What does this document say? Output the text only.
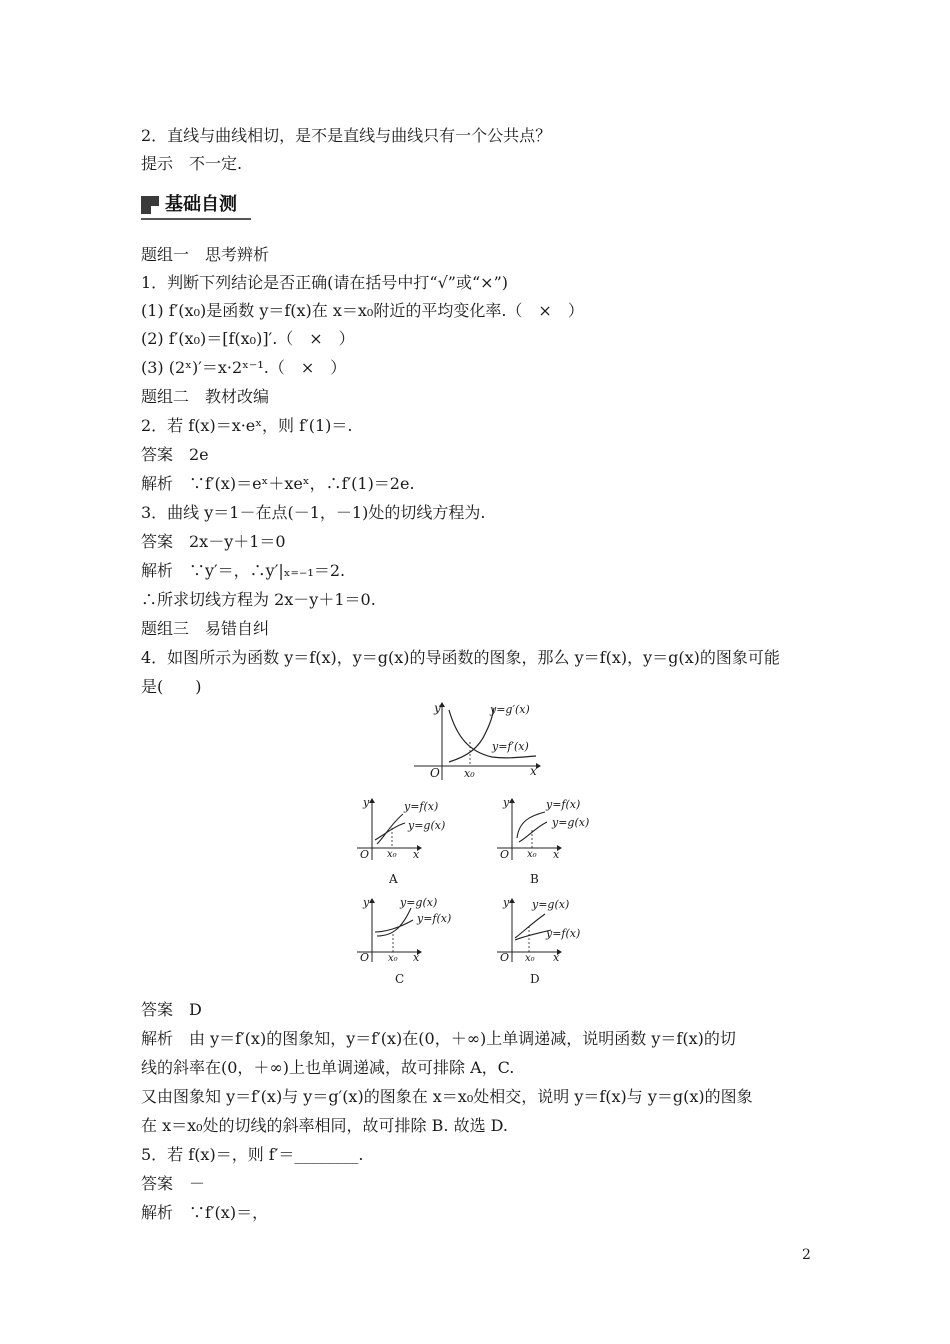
2．直线与曲线相切，是不是直线与曲线只有一个公共点？
提示　不一定.
基础自测
题组一　思考辨析
1．判断下列结论是否正确(请在括号中打“√”或“×”)
(1) f′(x₀)是函数 y＝f(x)在 x＝x₀附近的平均变化率.（　×　）
(2) f′(x₀)＝[f(x₀)]′.（　×　）
(3) (2ˣ)′＝x·2ˣ⁻¹.（　×　）
题组二　教材改编
2．若 f(x)＝x·eˣ，则 f′(1)＝.
答案　2e
解析　∵f′(x)＝eˣ＋xeˣ，∴f′(1)＝2e.
3．曲线 y＝1－在点(－1，－1)处的切线方程为.
答案　2x－y＋1＝0
解析　∵y′＝，∴y′|ₓ₌₋₁＝2.
∴所求切线方程为 2x－y＋1＝0.
题组三　易错自纠
4．如图所示为函数 y＝f(x)，y＝g(x)的导函数的图象，那么 y＝f(x)，y＝g(x)的图象可能
是(　　)
y
x
O x₀
y=g′(x)
y=f′(x)
y
x
O x₀
y=f(x)
y=g(x)
A
y
x
O x₀
y=f(x)
y=g(x)
B
y
x
O x₀
y=g(x)
y=f(x)
C
y
x
O x₀
y=g(x)
y=f(x)
D
答案　D
解析　由 y＝f′(x)的图象知，y＝f′(x)在(0，＋∞)上单调递减，说明函数 y＝f(x)的切
线的斜率在(0，＋∞)上也单调递减，故可排除 A，C.
又由图象知 y＝f′(x)与 y＝g′(x)的图象在 x＝x₀处相交，说明 y＝f(x)与 y＝g(x)的图象
在 x＝x₀处的切线的斜率相同，故可排除 B. 故选 D.
5．若 f(x)＝，则 f′＝________.
答案　－
解析　∵f′(x)＝，
2
